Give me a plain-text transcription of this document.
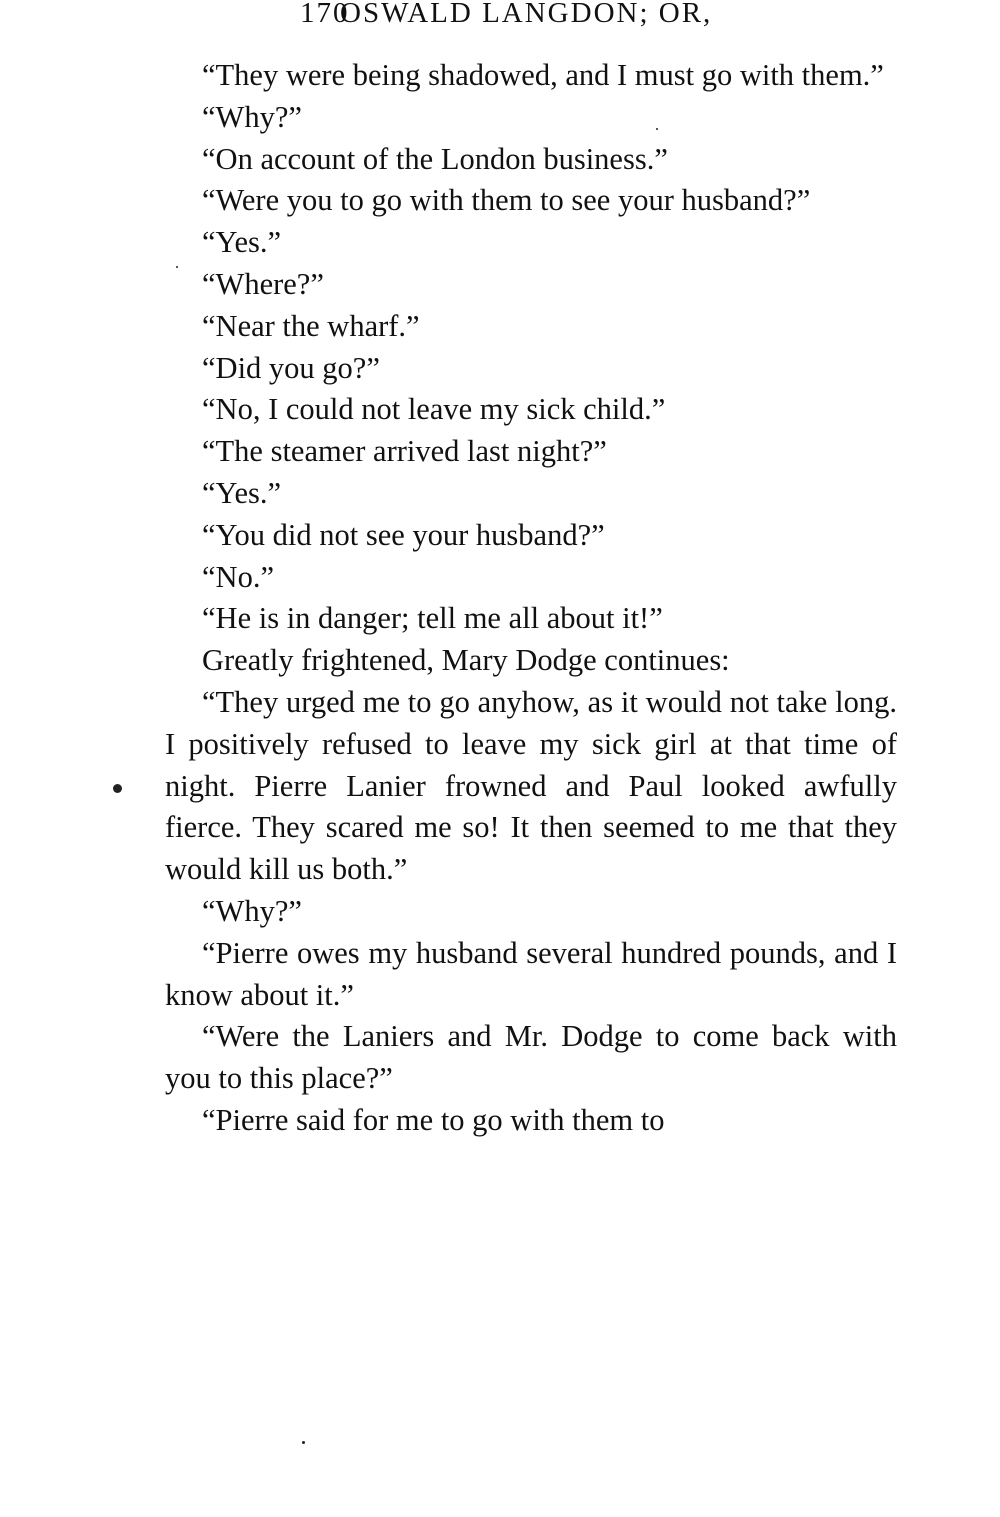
170
OSWALD LANGDON; OR,

“They were being shadowed, and I must go with them.”

“Why?”

“On account of the London business.”

“Were you to go with them to see your husband?”

“Yes.”

“Where?”

“Near the wharf.”

“Did you go?”

“No, I could not leave my sick child.”

“The steamer arrived last night?”

“Yes.”

“You did not see your husband?”

“No.”

“He is in danger; tell me all about it!”

Greatly frightened, Mary Dodge continues:

“They urged me to go anyhow, as it would not take long. I positively refused to leave my sick girl at that time of night. Pierre Lanier frowned and Paul looked awfully fierce. They scared me so! It then seemed to me that they would kill us both.”

“Why?”

“Pierre owes my husband several hundred pounds, and I know about it.”

“Were the Laniers and Mr. Dodge to come back with you to this place?”

“Pierre said for me to go with them to
